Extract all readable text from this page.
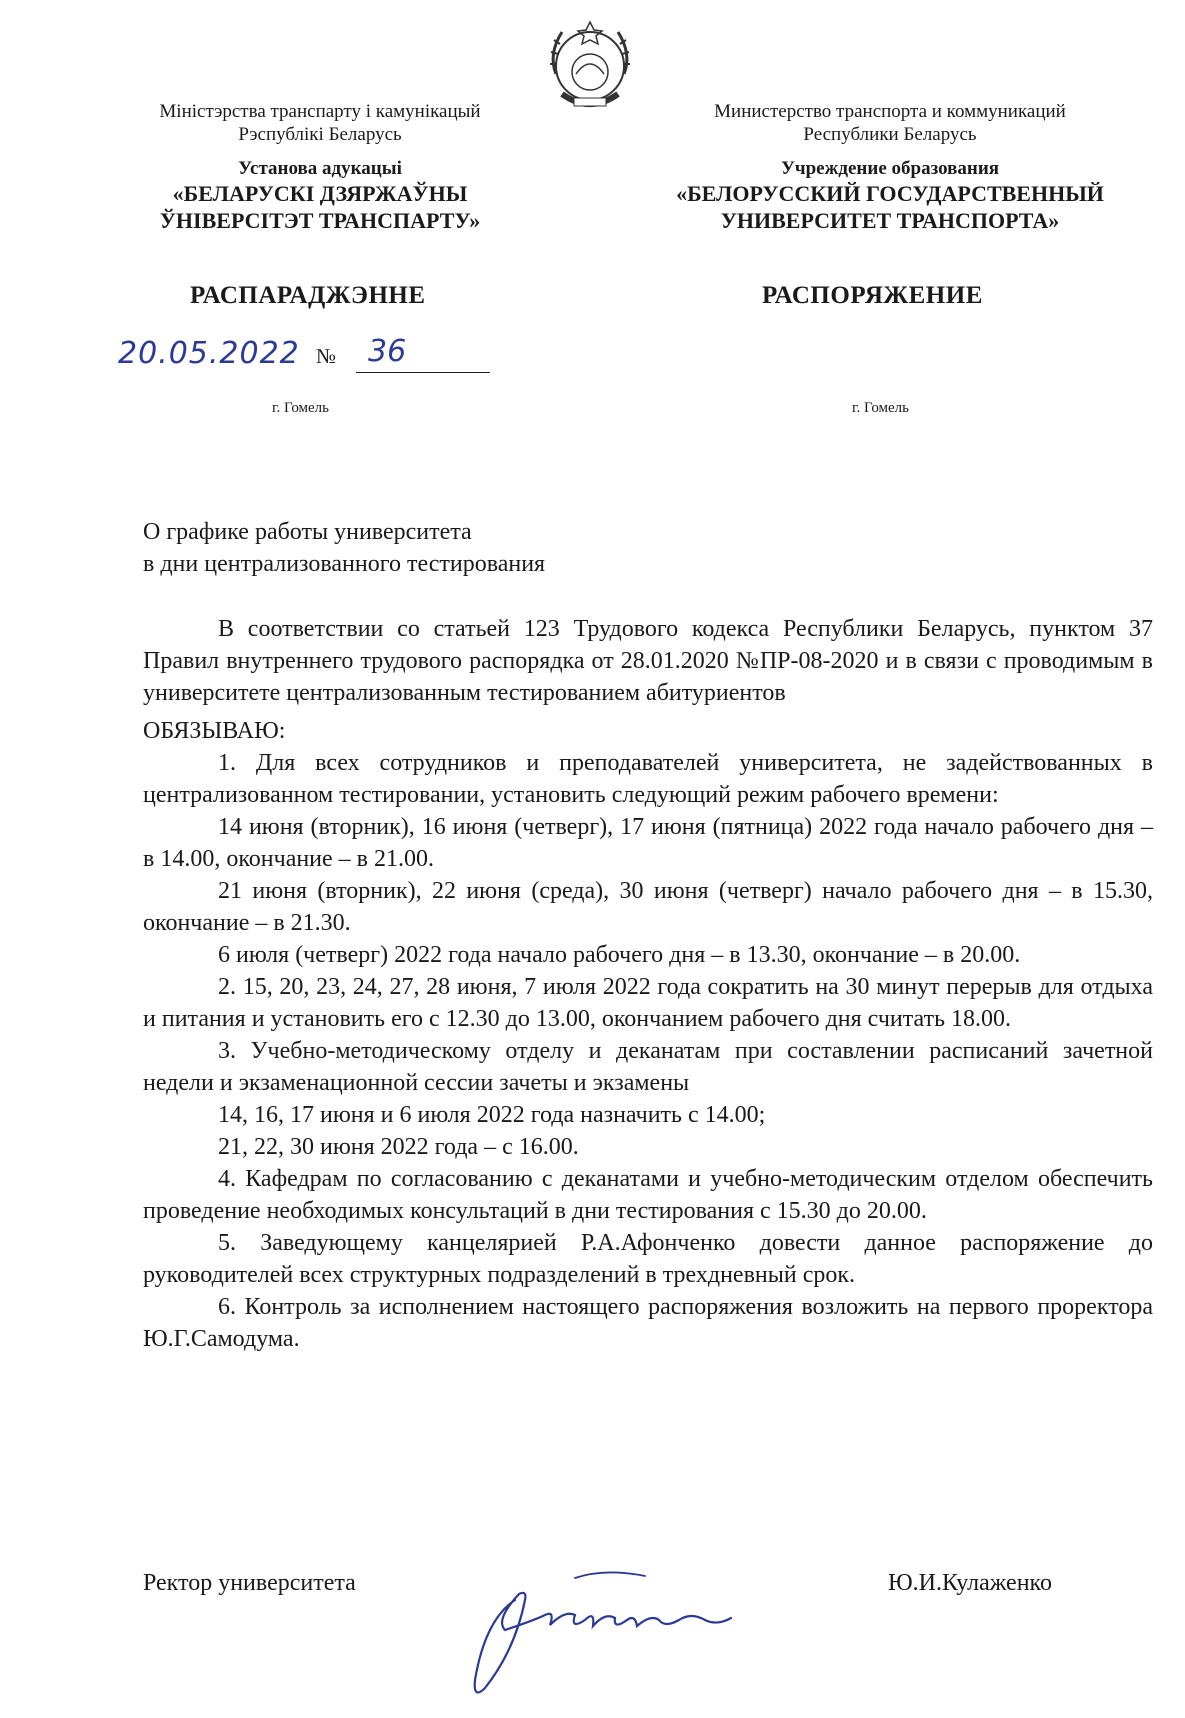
Міністэрства транспарту і камунікацый
Рэспублікі Беларусь
Установа адукацыі
«БЕЛАРУСКІ ДЗЯРЖАЎНЫ
ЎНІВЕРСІТЭТ ТРАНСПАРТУ»
Министерство транспорта и коммуникаций
Республики Беларусь
Учреждение образования
«БЕЛОРУССКИЙ ГОСУДАРСТВЕННЫЙ
УНИВЕРСИТЕТ ТРАНСПОРТА»
РАСПАРАДЖЭННЕ	РАСПОРЯЖЕНИЕ
20.05.2022 № 36
г. Гомель	г. Гомель
О графике работы университета
в дни централизованного тестирования

В соответствии со статьей 123 Трудового кодекса Республики Беларусь, пунктом 37 Правил внутреннего трудового распорядка от 28.01.2020 №ПР-08-2020 и в связи с проводимым в университете централизованным тестированием абитуриентов

ОБЯЗЫВАЮ:

1. Для всех сотрудников и преподавателей университета, не задействованных в централизованном тестировании, установить следующий режим рабочего времени:

14 июня (вторник), 16 июня (четверг), 17 июня (пятница) 2022 года начало рабочего дня – в 14.00, окончание – в 21.00.

21 июня (вторник), 22 июня (среда), 30 июня (четверг) начало рабочего дня – в 15.30, окончание – в 21.30.

6 июля (четверг) 2022 года начало рабочего дня – в 13.30, окончание – в 20.00.

2. 15, 20, 23, 24, 27, 28 июня, 7 июля 2022 года сократить на 30 минут перерыв для отдыха и питания и установить его с 12.30 до 13.00, окончанием рабочего дня считать 18.00.

3. Учебно-методическому отделу и деканатам при составлении расписаний зачетной недели и экзаменационной сессии зачеты и экзамены

14, 16, 17 июня и 6 июля 2022 года назначить с 14.00;

21, 22, 30 июня 2022 года – с 16.00.

4. Кафедрам по согласованию с деканатами и учебно-методическим отделом обеспечить проведение необходимых консультаций в дни тестирования с 15.30 до 20.00.

5. Заведующему канцелярией Р.А.Афонченко довести данное распоряжение до руководителей всех структурных подразделений в трехдневный срок.

6. Контроль за исполнением настоящего распоряжения возложить на первого проректора Ю.Г.Самодума.

Ректор университета	Ю.И.Кулаженко
